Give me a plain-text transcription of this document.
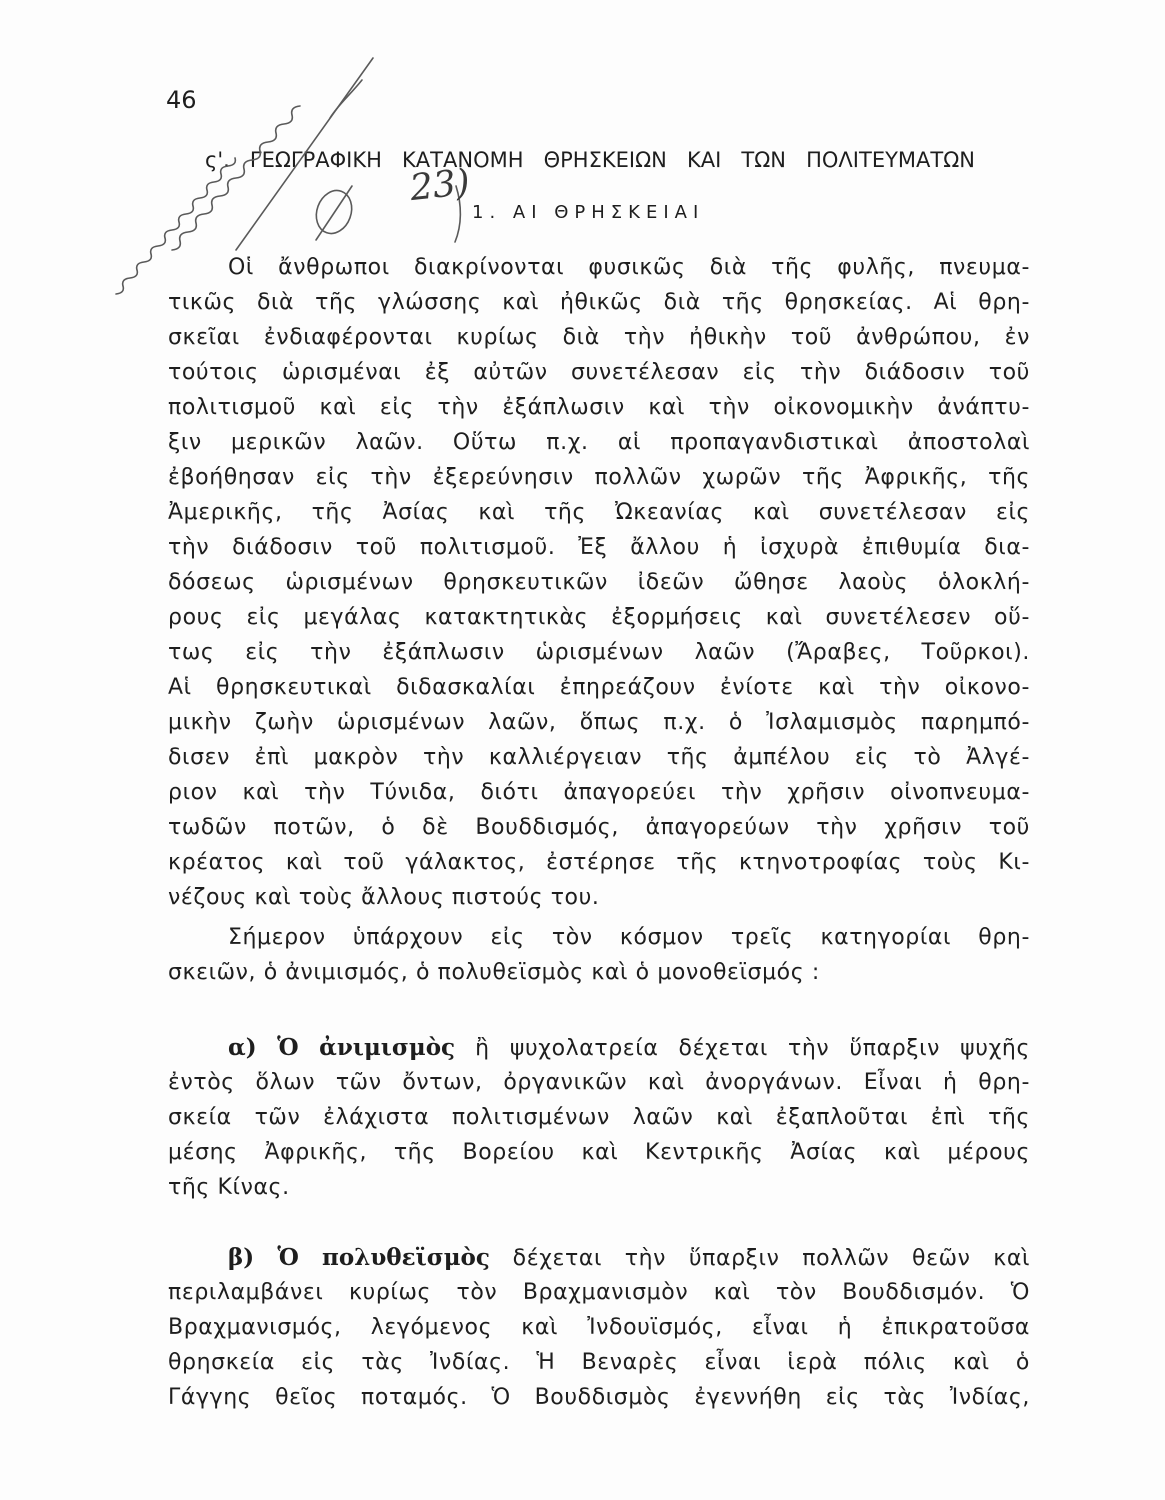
46
ς'. ΓΕΩΓΡΑΦΙΚΗ ΚΑΤΑΝΟΜΗ ΘΡΗΣΚΕΙΩΝ ΚΑΙ ΤΩΝ ΠΟΛΙΤΕΥΜΑΤΩΝ
1. ΑΙ ΘΡΗΣΚΕΙΑΙ
Οἱ ἄνθρωποι διακρίνονται φυσικῶς διὰ τῆς φυλῆς, πνευμα-
τικῶς διὰ τῆς γλώσσης καὶ ἠθικῶς διὰ τῆς θρησκείας. Αἱ θρη-
σκεῖαι ἐνδιαφέρονται κυρίως διὰ τὴν ἠθικὴν τοῦ ἀνθρώπου, ἐν
τούτοις ὡρισμέναι ἐξ αὐτῶν συνετέλεσαν εἰς τὴν διάδοσιν τοῦ
πολιτισμοῦ καὶ εἰς τὴν ἐξάπλωσιν καὶ τὴν οἰκονομικὴν ἀνάπτυ-
ξιν μερικῶν λαῶν. Οὕτω π.χ. αἱ προπαγανδιστικαὶ ἀποστολαὶ
ἐβοήθησαν εἰς τὴν ἐξερεύνησιν πολλῶν χωρῶν τῆς Ἀφρικῆς, τῆς
Ἀμερικῆς, τῆς Ἀσίας καὶ τῆς Ὠκεανίας καὶ συνετέλεσαν εἰς
τὴν διάδοσιν τοῦ πολιτισμοῦ. Ἐξ ἄλλου ἡ ἰσχυρὰ ἐπιθυμία δια-
δόσεως ὡρισμένων θρησκευτικῶν ἰδεῶν ὤθησε λαοὺς ὁλοκλή-
ρους εἰς μεγάλας κατακτητικὰς ἐξορμήσεις καὶ συνετέλεσεν οὕ-
τως εἰς τὴν ἐξάπλωσιν ὡρισμένων λαῶν (Ἄραβες, Τοῦρκοι).
Αἱ θρησκευτικαὶ διδασκαλίαι ἐπηρεάζουν ἐνίοτε καὶ τὴν οἰκονο-
μικὴν ζωὴν ὡρισμένων λαῶν, ὅπως π.χ. ὁ Ἰσλαμισμὸς παρημπό-
δισεν ἐπὶ μακρὸν τὴν καλλιέργειαν τῆς ἀμπέλου εἰς τὸ Ἀλγέ-
ριον καὶ τὴν Τύνιδα, διότι ἀπαγορεύει τὴν χρῆσιν οἰνοπνευμα-
τωδῶν ποτῶν, ὁ δὲ Βουδδισμός, ἀπαγορεύων τὴν χρῆσιν τοῦ
κρέατος καὶ τοῦ γάλακτος, ἐστέρησε τῆς κτηνοτροφίας τοὺς Κι-
νέζους καὶ τοὺς ἄλλους πιστούς του.
Σήμερον ὑπάρχουν εἰς τὸν κόσμον τρεῖς κατηγορίαι θρη-
σκειῶν, ὁ ἀνιμισμός, ὁ πολυθεϊσμὸς καὶ ὁ μονοθεϊσμός :
α) Ὁ ἀνιμισμὸς ἢ ψυχολατρεία δέχεται τὴν ὕπαρξιν ψυχῆς
ἐντὸς ὅλων τῶν ὄντων, ὀργανικῶν καὶ ἀνοργάνων. Εἶναι ἡ θρη-
σκεία τῶν ἐλάχιστα πολιτισμένων λαῶν καὶ ἐξαπλοῦται ἐπὶ τῆς
μέσης Ἀφρικῆς, τῆς Βορείου καὶ Κεντρικῆς Ἀσίας καὶ μέρους
τῆς Κίνας.
β) Ὁ πολυθεϊσμὸς δέχεται τὴν ὕπαρξιν πολλῶν θεῶν καὶ
περιλαμβάνει κυρίως τὸν Βραχμανισμὸν καὶ τὸν Βουδδισμόν. Ὁ
Βραχμανισμός, λεγόμενος καὶ Ἰνδουϊσμός, εἶναι ἡ ἐπικρατοῦσα
θρησκεία εἰς τὰς Ἰνδίας. Ἡ Βεναρὲς εἶναι ἱερὰ πόλις καὶ ὁ
Γάγγης θεῖος ποταμός. Ὁ Βουδδισμὸς ἐγεννήθη εἰς τὰς Ἰνδίας,
23)
